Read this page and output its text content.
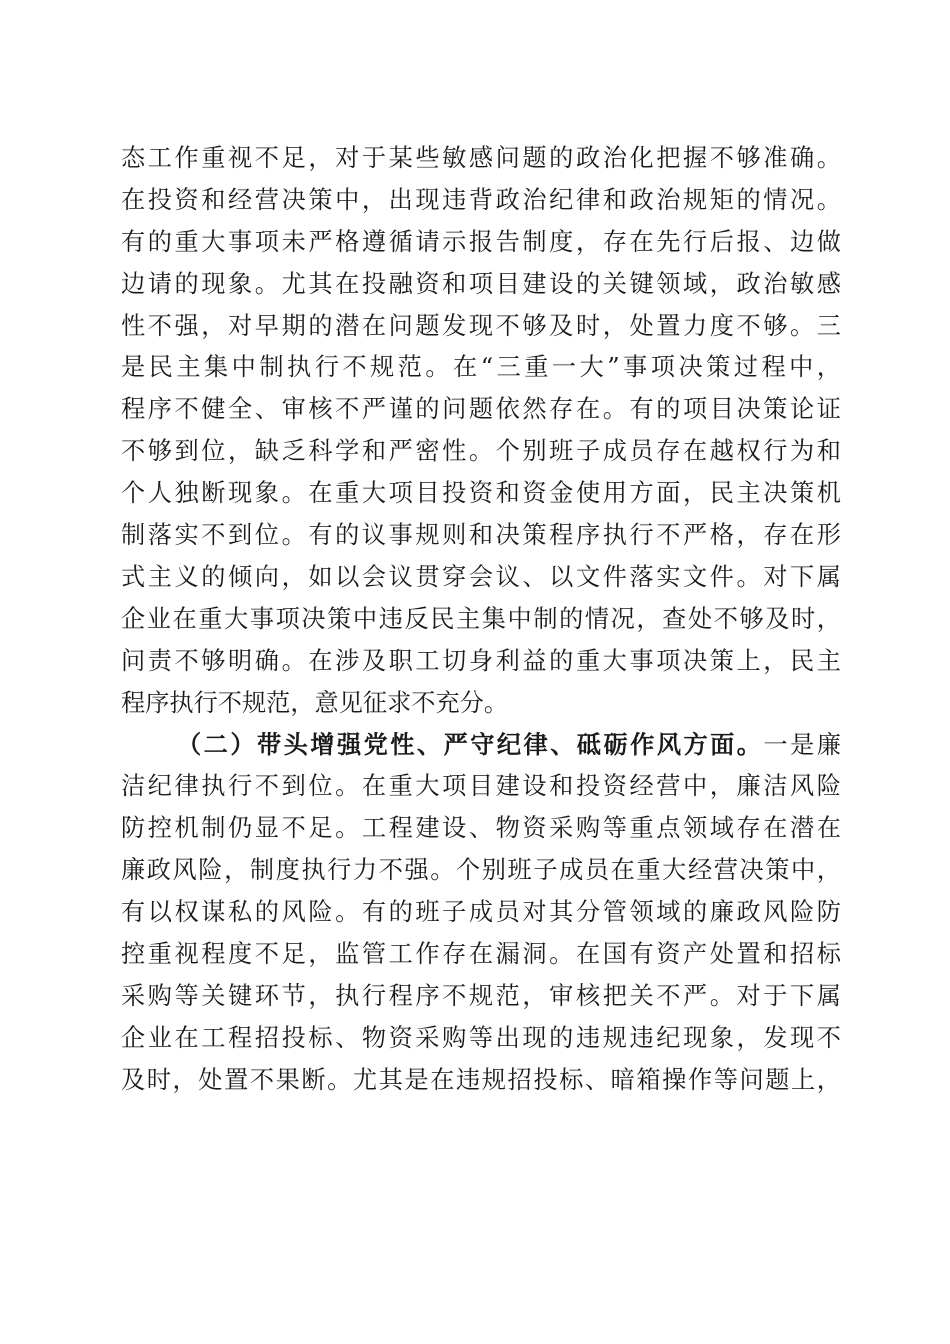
态工作重视不足，对于某些敏感问题的政治化把握不够准确。
在投资和经营决策中，出现违背政治纪律和政治规矩的情况。
有的重大事项未严格遵循请示报告制度，存在先行后报、边做
边请的现象。尤其在投融资和项目建设的关键领域，政治敏感
性不强，对早期的潜在问题发现不够及时，处置力度不够。三
是民主集中制执行不规范。在“三重一大”事项决策过程中，
程序不健全、审核不严谨的问题依然存在。有的项目决策论证
不够到位，缺乏科学和严密性。个别班子成员存在越权行为和
个人独断现象。在重大项目投资和资金使用方面，民主决策机
制落实不到位。有的议事规则和决策程序执行不严格，存在形
式主义的倾向，如以会议贯穿会议、以文件落实文件。对下属
企业在重大事项决策中违反民主集中制的情况，查处不够及时，
问责不够明确。在涉及职工切身利益的重大事项决策上，民主
程序执行不规范，意见征求不充分。
（二）带头增强党性、严守纪律、砥砺作风方面。一是廉
洁纪律执行不到位。在重大项目建设和投资经营中，廉洁风险
防控机制仍显不足。工程建设、物资采购等重点领域存在潜在
廉政风险，制度执行力不强。个别班子成员在重大经营决策中，
有以权谋私的风险。有的班子成员对其分管领域的廉政风险防
控重视程度不足，监管工作存在漏洞。在国有资产处置和招标
采购等关键环节，执行程序不规范，审核把关不严。对于下属
企业在工程招投标、物资采购等出现的违规违纪现象，发现不
及时，处置不果断。尤其是在违规招投标、暗箱操作等问题上，
